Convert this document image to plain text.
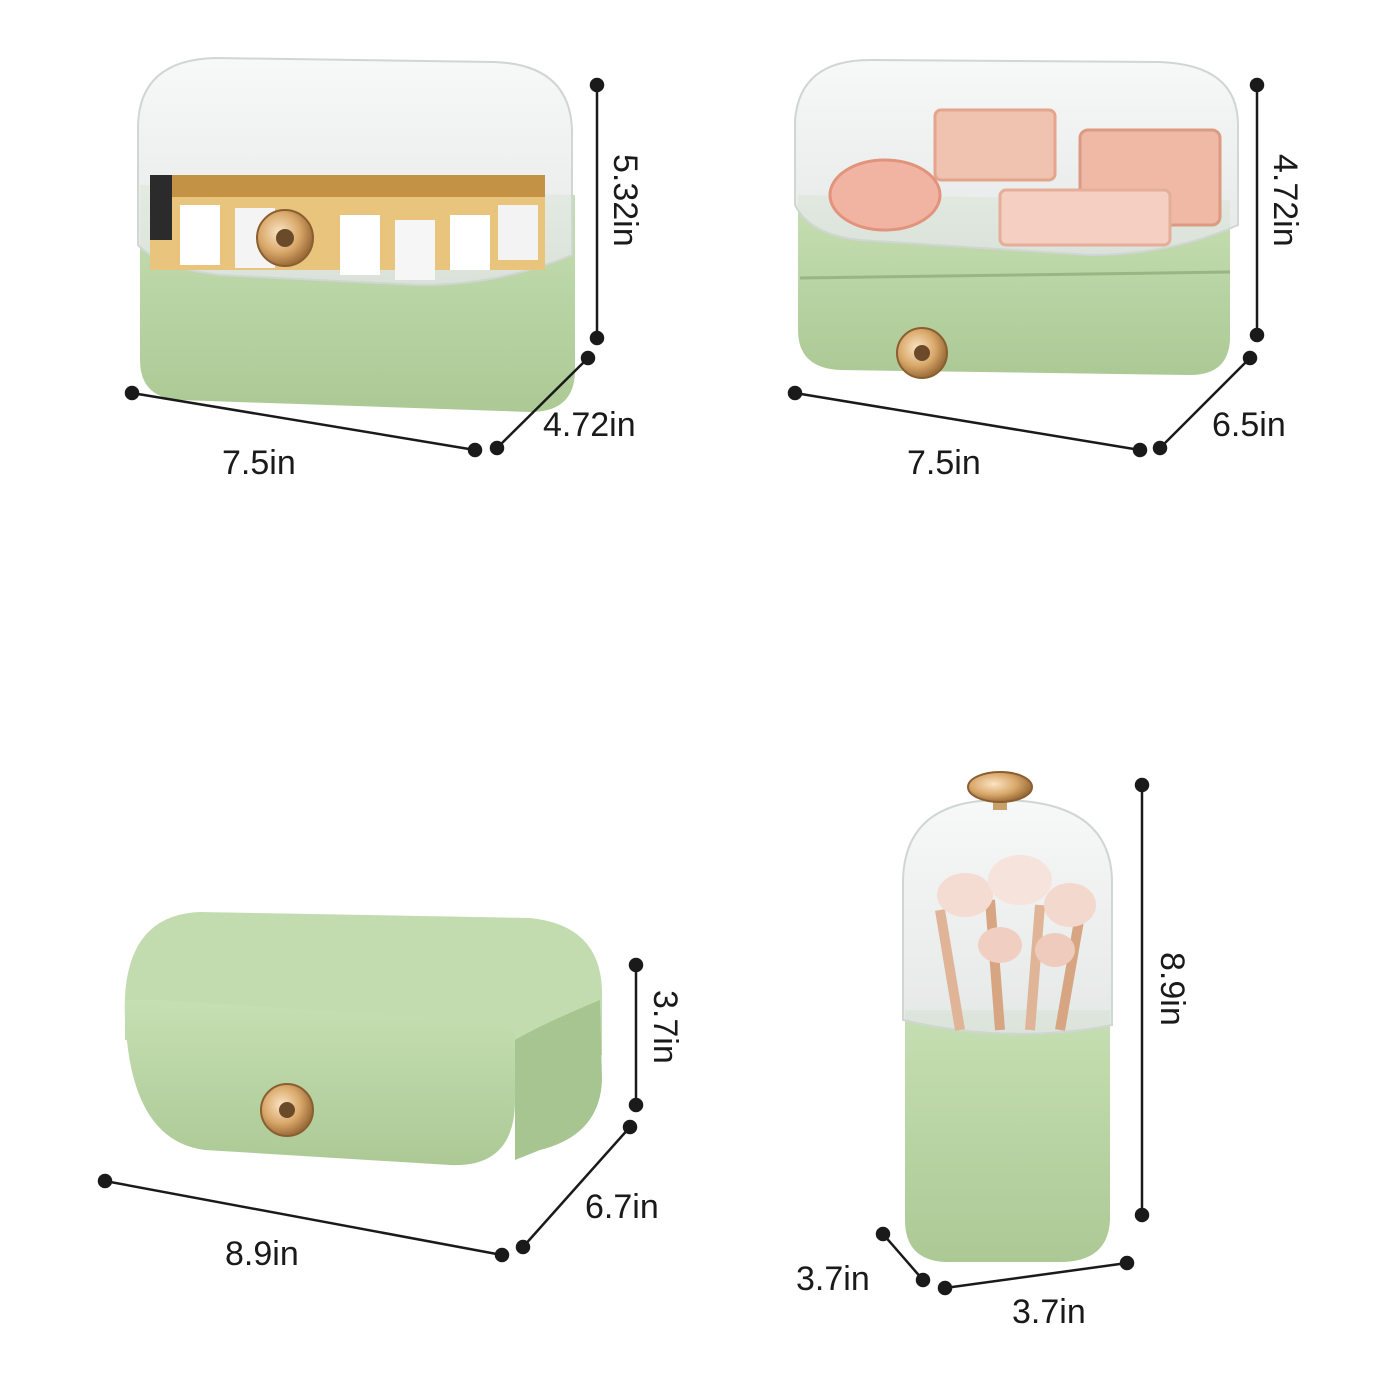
7.5in
4.72in
5.32in
7.5in
6.5in
4.72in
8.9in
6.7in
3.7in
8.9in
3.7in
3.7in
